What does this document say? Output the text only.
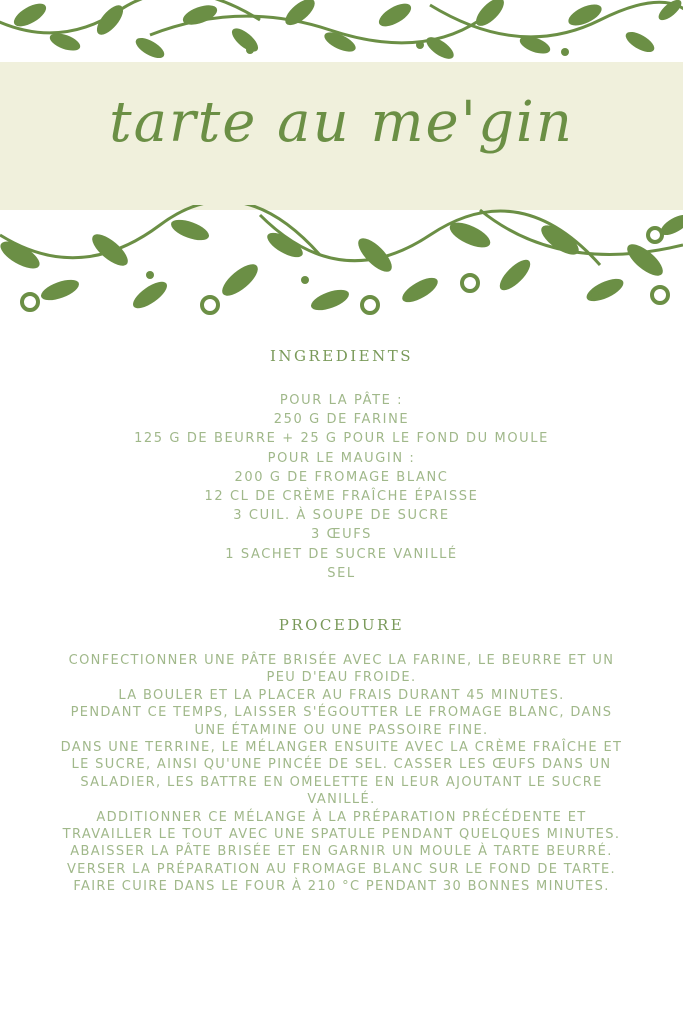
tarte au me'gin
INGREDIENTS
POUR LA PÂTE :
250 G DE FARINE
125 G DE BEURRE + 25 G POUR LE FOND DU MOULE
POUR LE MAUGIN :
200 G DE FROMAGE BLANC
12 CL DE CRÈME FRAÎCHE ÉPAISSE
3 CUIL. À SOUPE DE SUCRE
3 ŒUFS
1 SACHET DE SUCRE VANILLÉ
SEL
PROCEDURE
CONFECTIONNER UNE PÂTE BRISÉE AVEC LA FARINE, LE BEURRE ET UN
PEU D'EAU FROIDE.
LA BOULER ET LA PLACER AU FRAIS DURANT 45 MINUTES.
PENDANT CE TEMPS, LAISSER S'ÉGOUTTER LE FROMAGE BLANC, DANS
UNE ÉTAMINE OU UNE PASSOIRE FINE.
DANS UNE TERRINE, LE MÉLANGER ENSUITE AVEC LA CRÈME FRAÎCHE ET
LE SUCRE, AINSI QU'UNE PINCÉE DE SEL. CASSER LES ŒUFS DANS UN
SALADIER, LES BATTRE EN OMELETTE EN LEUR AJOUTANT LE SUCRE
VANILLÉ.
ADDITIONNER CE MÉLANGE À LA PRÉPARATION PRÉCÉDENTE ET
TRAVAILLER LE TOUT AVEC UNE SPATULE PENDANT QUELQUES MINUTES.
ABAISSER LA PÂTE BRISÉE ET EN GARNIR UN MOULE À TARTE BEURRÉ.
VERSER LA PRÉPARATION AU FROMAGE BLANC SUR LE FOND DE TARTE.
FAIRE CUIRE DANS LE FOUR À 210 °C PENDANT 30 BONNES MINUTES.
